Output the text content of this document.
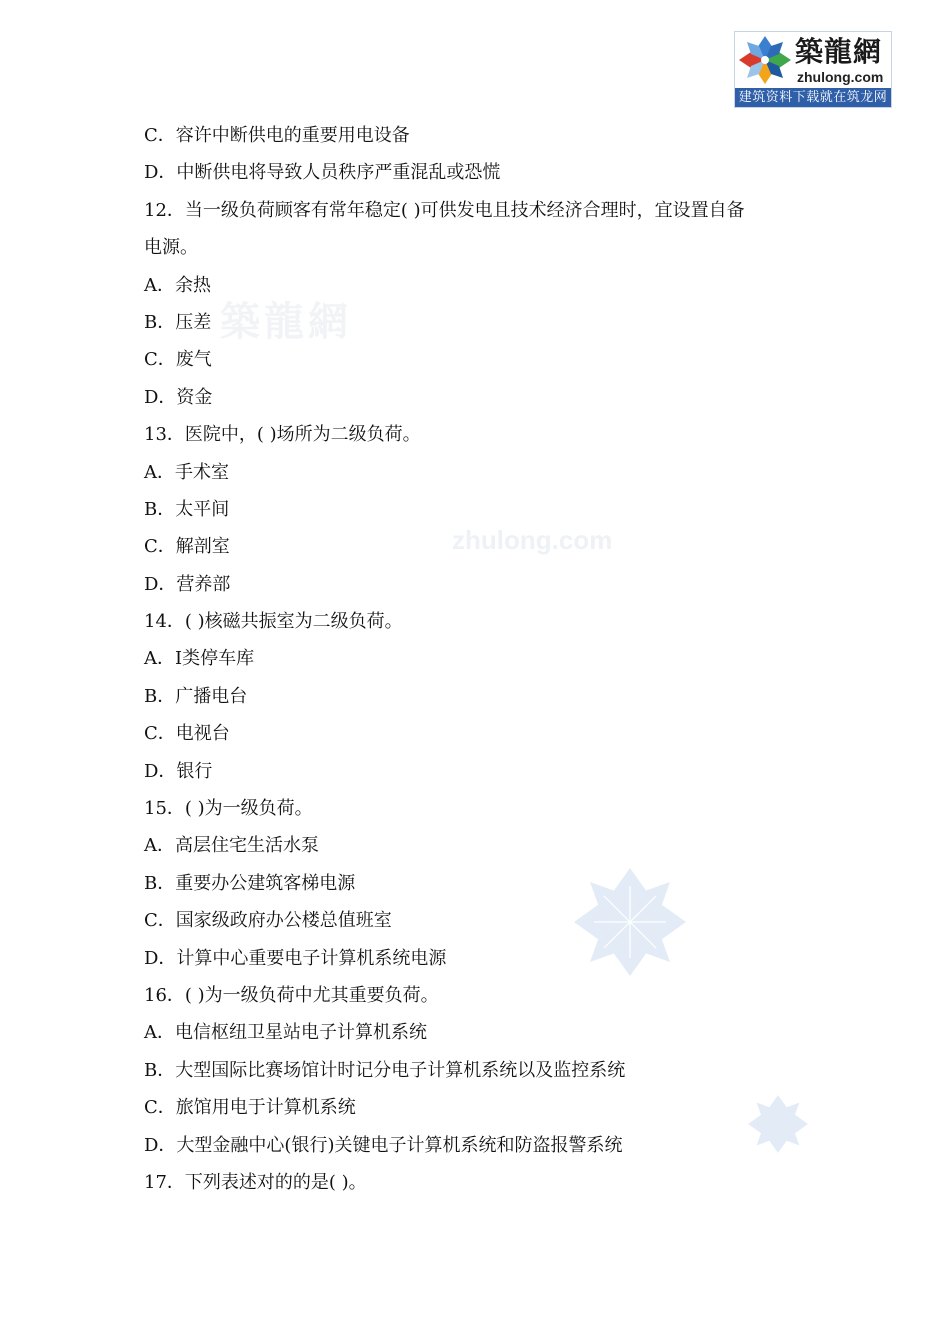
築龍網
zhulong.com
建筑资料下载就在筑龙网
築龍網
zhulong.com

C．容许中断供电的重要用电设备

D．中断供电将导致人员秩序严重混乱或恐慌

12．当一级负荷顾客有常年稳定( )可供发电且技术经济合理时，宜设置自备

电源。

A．余热

B．压差

C．废气

D．资金

13．医院中，( )场所为二级负荷。

A．手术室

B．太平间

C．解剖室

D．营养部

14．( )核磁共振室为二级负荷。

A．Ⅰ类停车库

B．广播电台

C．电视台

D．银行

15．( )为一级负荷。

A．高层住宅生活水泵

B．重要办公建筑客梯电源

C．国家级政府办公楼总值班室

D．计算中心重要电子计算机系统电源

16．( )为一级负荷中尤其重要负荷。

A．电信枢纽卫星站电子计算机系统

B．大型国际比赛场馆计时记分电子计算机系统以及监控系统

C．旅馆用电于计算机系统

D．大型金融中心(银行)关键电子计算机系统和防盗报警系统

17．下列表述对的的是( )。
